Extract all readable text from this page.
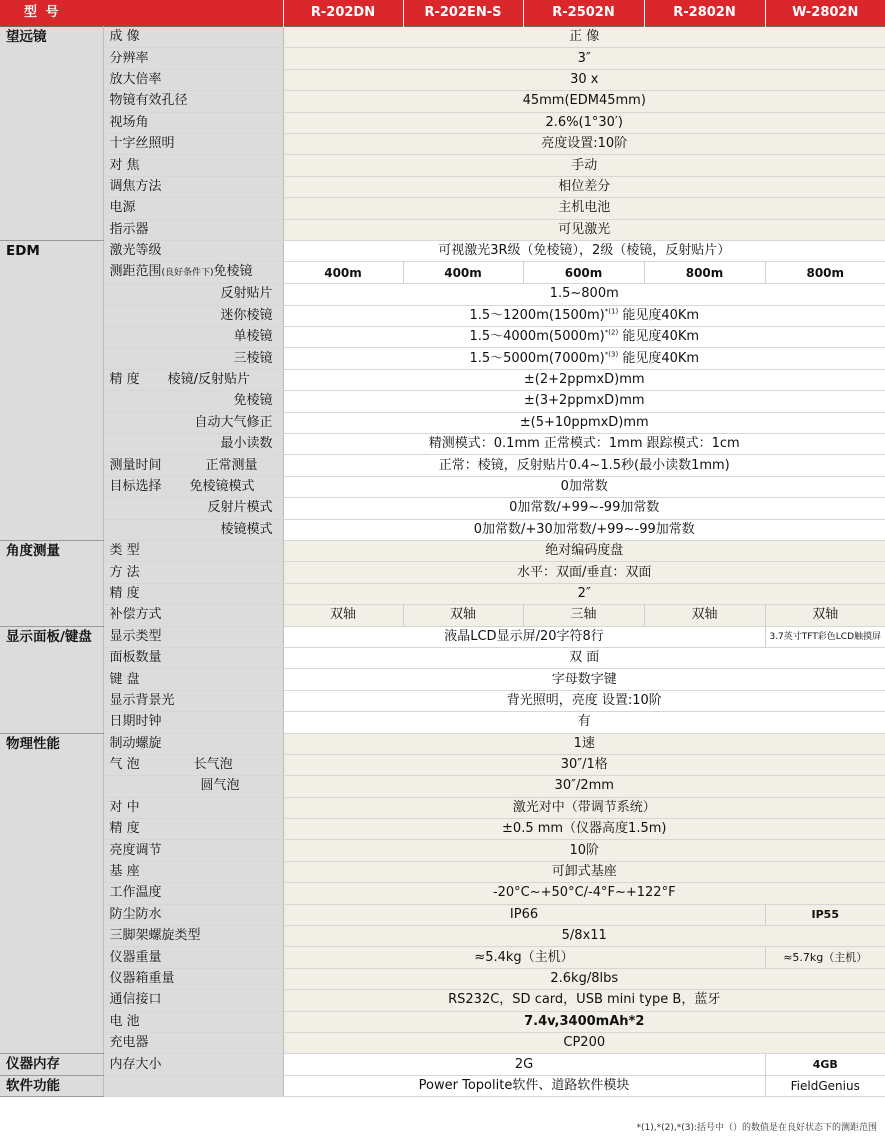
型 号		R-202DN	R-202EN-S	R-2502N	R-2802N	W-2802N
望远镜	成 像	正 像				
	分辨率	3″				
	放大倍率	30 x				
	物镜有效孔径	45mm(EDM45mm)				
	视场角	2.6%(1°30′)				
	十字丝照明	亮度设置:10阶				
	对 焦	手动				
	调焦方法	相位差分				
	电源	主机电池				
	指示器	可见激光				
EDM	激光等级	可视激光3R级（免棱镜），2级（棱镜，反射贴片）				
	测距范围(良好条件下)免棱镜	400m	400m	600m	800m	800m
	反射贴片	1.5~800m				
	迷你棱镜	$1.5\sim 1200m(1500m)^{*(1)}$ 能见度40Km				
	单棱镜	$1.5\sim 4000m(5000m)^{*(2)}$ 能见度40Km				
	三棱镜	$1.5\sim 5000m(7000m)^{*(3)}$ 能见度40Km				
	精 度 棱镜/反射贴片	±(2+2ppmxD)mm				
	免棱镜	±(3+2ppmxD)mm				
	自动大气修正	±(5+10ppmxD)mm				
	最小读数	精测模式：0.1mm 正常模式：1mm 跟踪模式：1cm				
	测量时间 正常测量	正常：棱镜，反射贴片0.4~1.5秒(最小读数1mm)				
	目标选择 免棱镜模式	0加常数				
	反射片模式	0加常数/+99~-99加常数				
	棱镜模式	0加常数/+30加常数/+99~-99加常数				
角度测量	类 型	绝对编码度盘				
	方 法	水平：双面/垂直：双面				
	精 度	2″				
	补偿方式	双轴	双轴	三轴	双轴	双轴
显示面板/键盘	显示类型	液晶LCD显示屏/20字符8行				3.7英寸TFT彩色LCD触摸屏
	面板数量	双 面				
	键 盘	字母数字键				
	显示背景光	背光照明，亮度 设置:10阶				
	日期时钟	有				
物理性能	制动螺旋	1速				
	气 泡 长气泡	30″/1格				
	圆气泡	30″/2mm				
	对 中	激光对中（带调节系统）				
	精 度	±0.5 mm（仪器高度1.5m)				
	亮度调节	10阶				
	基 座	可卸式基座				
	工作温度	-20°C~+50°C/-4°F~+122°F				
	防尘防水	IP66				IP55
	三脚架螺旋类型	5/8x11				
	仪器重量	≈5.4kg（主机）				≈5.7kg（主机）
	仪器箱重量	2.6kg/8lbs				
	通信接口	RS232C，SD card，USB mini type B，蓝牙				
	电 池	7.4v,3400mAh*2				
	充电器	CP200				
仪器内存	内存大小	2G				4GB
软件功能		Power Topolite软件、道路软件模块				FieldGenius
*(1),*(2),*(3):括号中（）的数值是在良好状态下的测距范围
